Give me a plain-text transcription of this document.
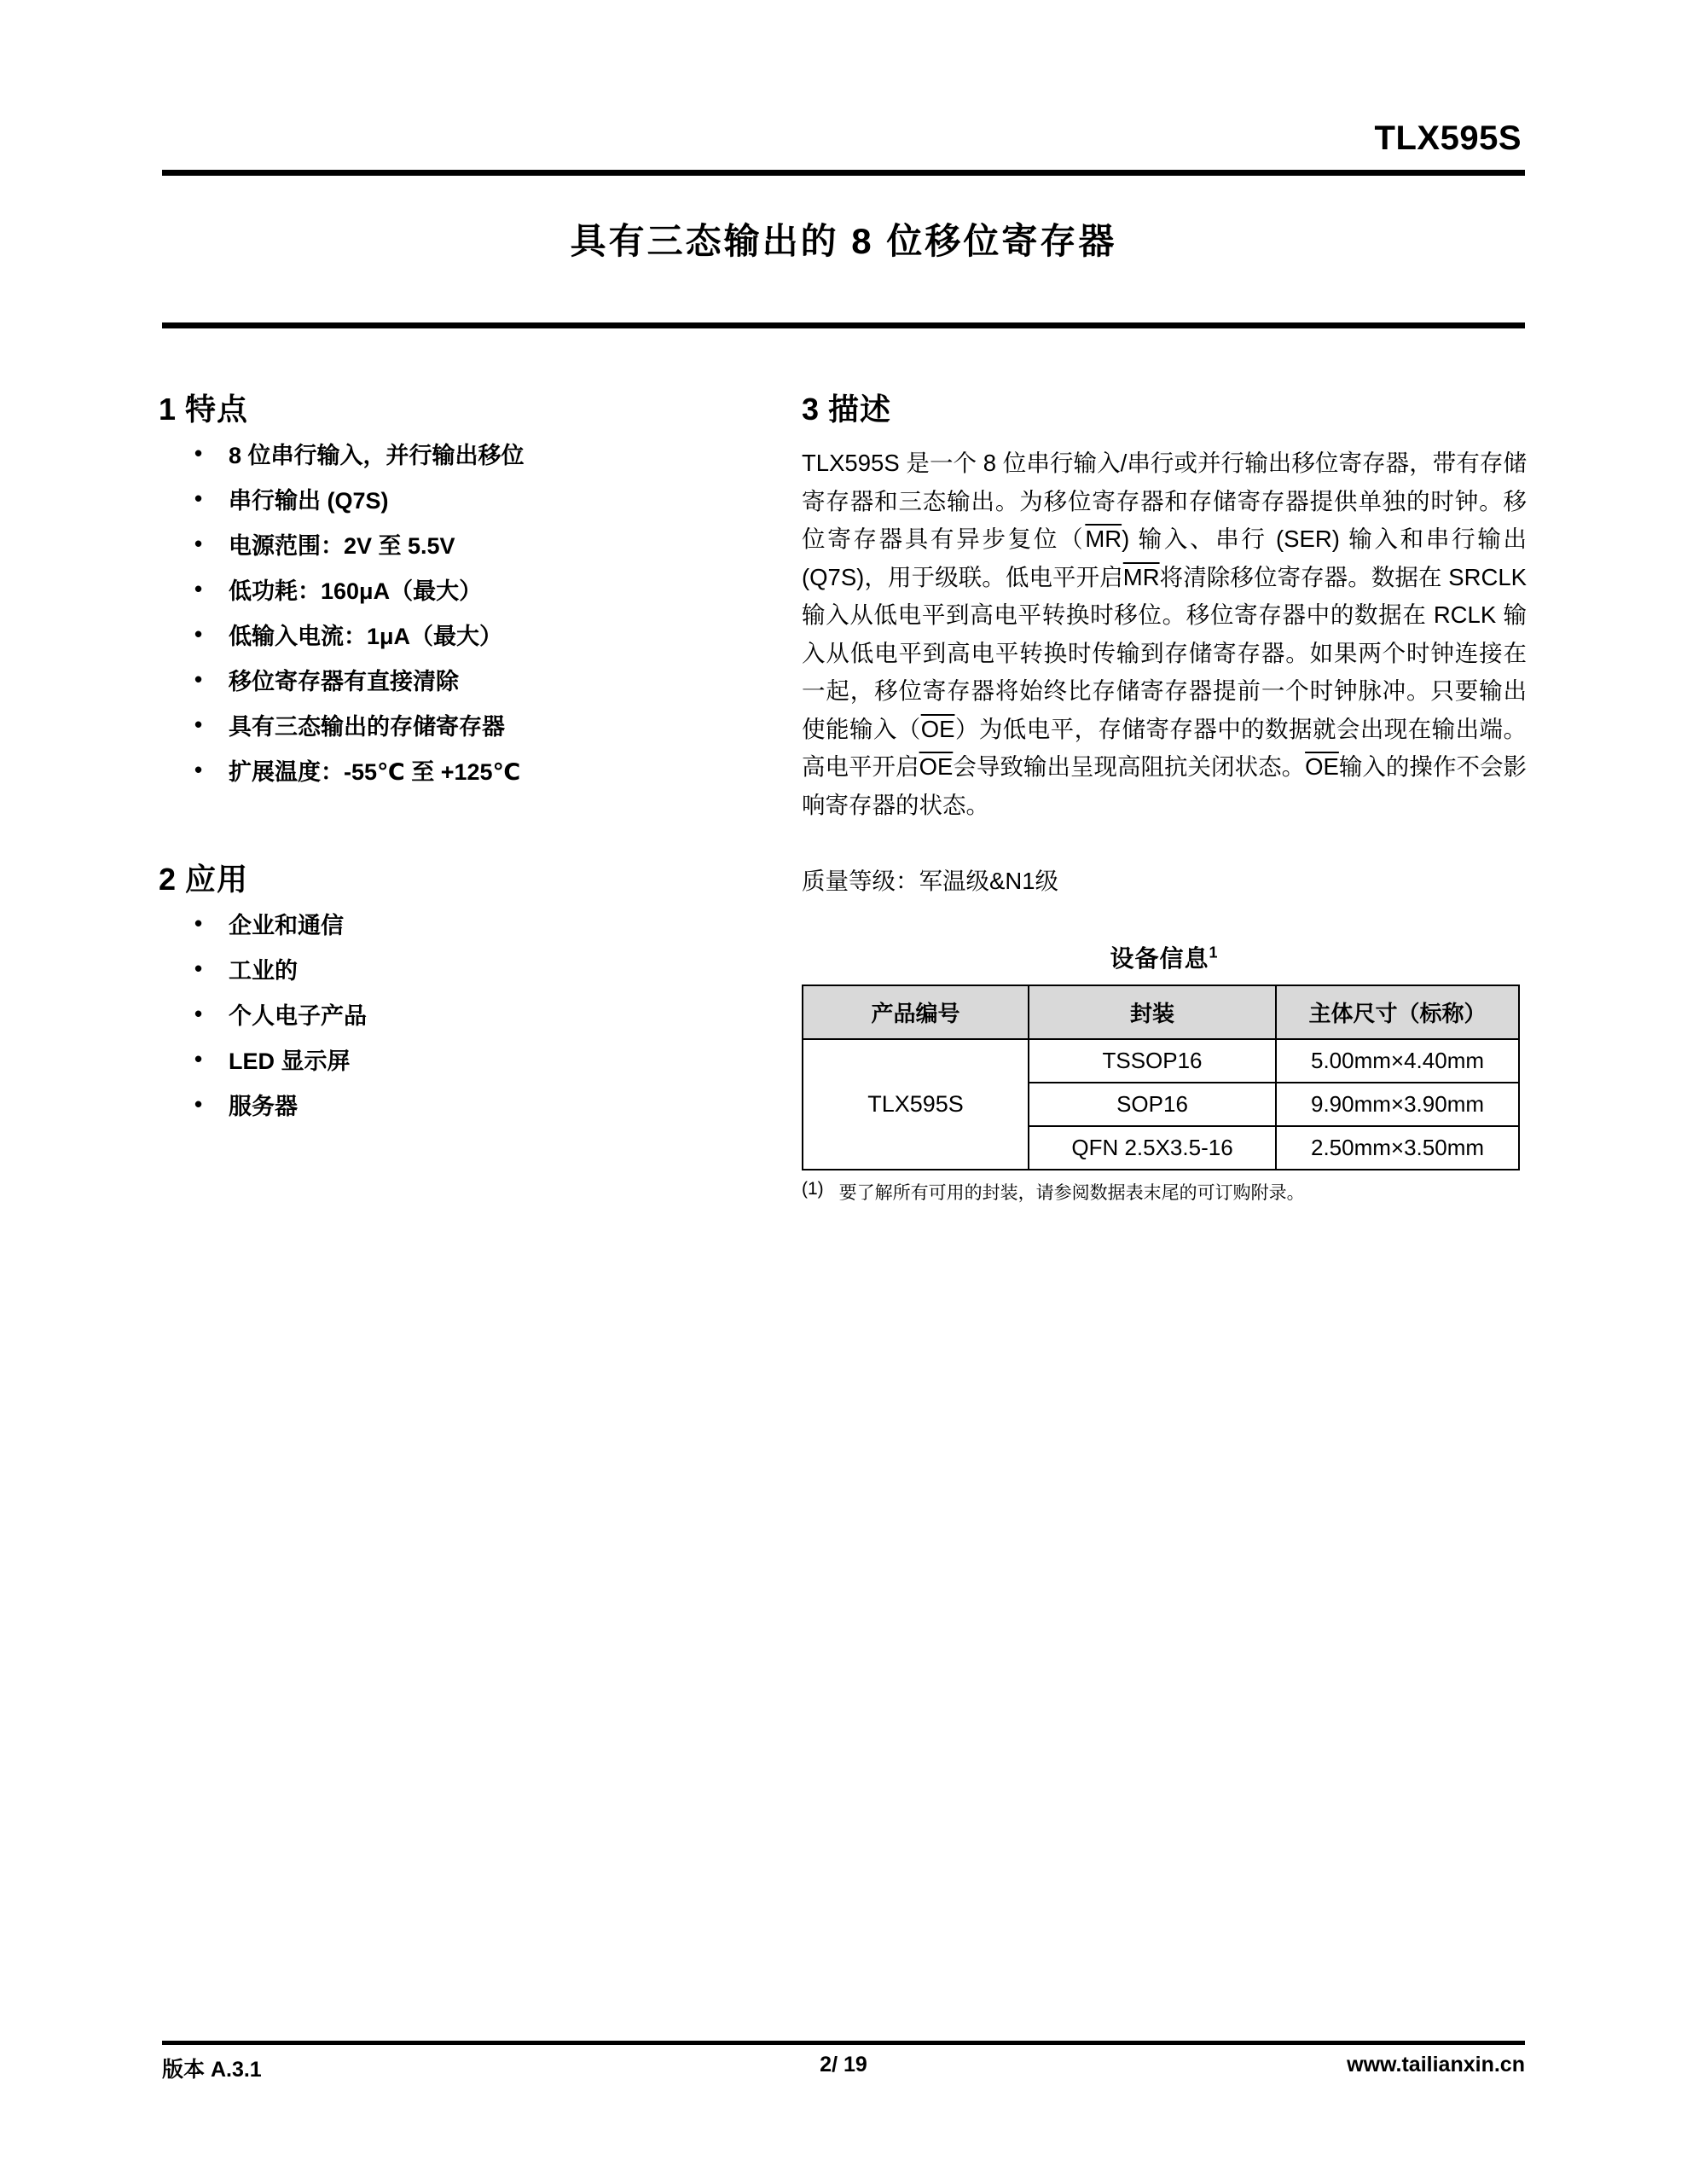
TLX595S
具有三态输出的 8 位移位寄存器
1 特点
• 8 位串行输入，并行输出移位
• 串行输出 (Q7S)
• 电源范围：2V 至 5.5V
• 低功耗：160μA（最大）
• 低输入电流：1μA（最大）
• 移位寄存器有直接清除
• 具有三态输出的存储寄存器
• 扩展温度：-55℃ 至 +125℃
2 应用
• 企业和通信
• 工业的
• 个人电子产品
• LED 显示屏
• 服务器
3 描述

TLX595S 是一个 8 位串行输入/串行或并行输出移位寄存器，带有存储寄存器和三态输出。为移位寄存器和存储寄存器提供单独的时钟。移位寄存器具有异步复位$(\overline{MR})$ 输入、串行 (SER) 输入和串行输出 (Q7S)，用于级联。低电平开启$\overline{MR}$将清除移位寄存器。数据在 SRCLK 输入从低电平到高电平转换时移位。移位寄存器中的数据在 RCLK 输入从低电平到高电平转换时传输到存储寄存器。如果两个时钟连接在一起，移位寄存器将始终比存储寄存器提前一个时钟脉冲。只要输出使能输入$(\overline{OE})$为低电平，存储寄存器中的数据就会出现在输出端。高电平开启$\overline{OE}$会导致输出呈现高阻抗关闭状态。$\overline{OE}$输入的操作不会影响寄存器的状态。

质量等级：军温级&N1级
设备信息$^1$
产品编号	封装	主体尺寸（标称）
TLX595S	TSSOP16	5.00mm×4.40mm
	SOP16	9.90mm×3.90mm
	QFN 2.5X3.5-16	2.50mm×3.50mm
(1) 要了解所有可用的封装，请参阅数据表末尾的可订购附录。
版本 A.3.1	2/ 19	www.tailianxin.cn
